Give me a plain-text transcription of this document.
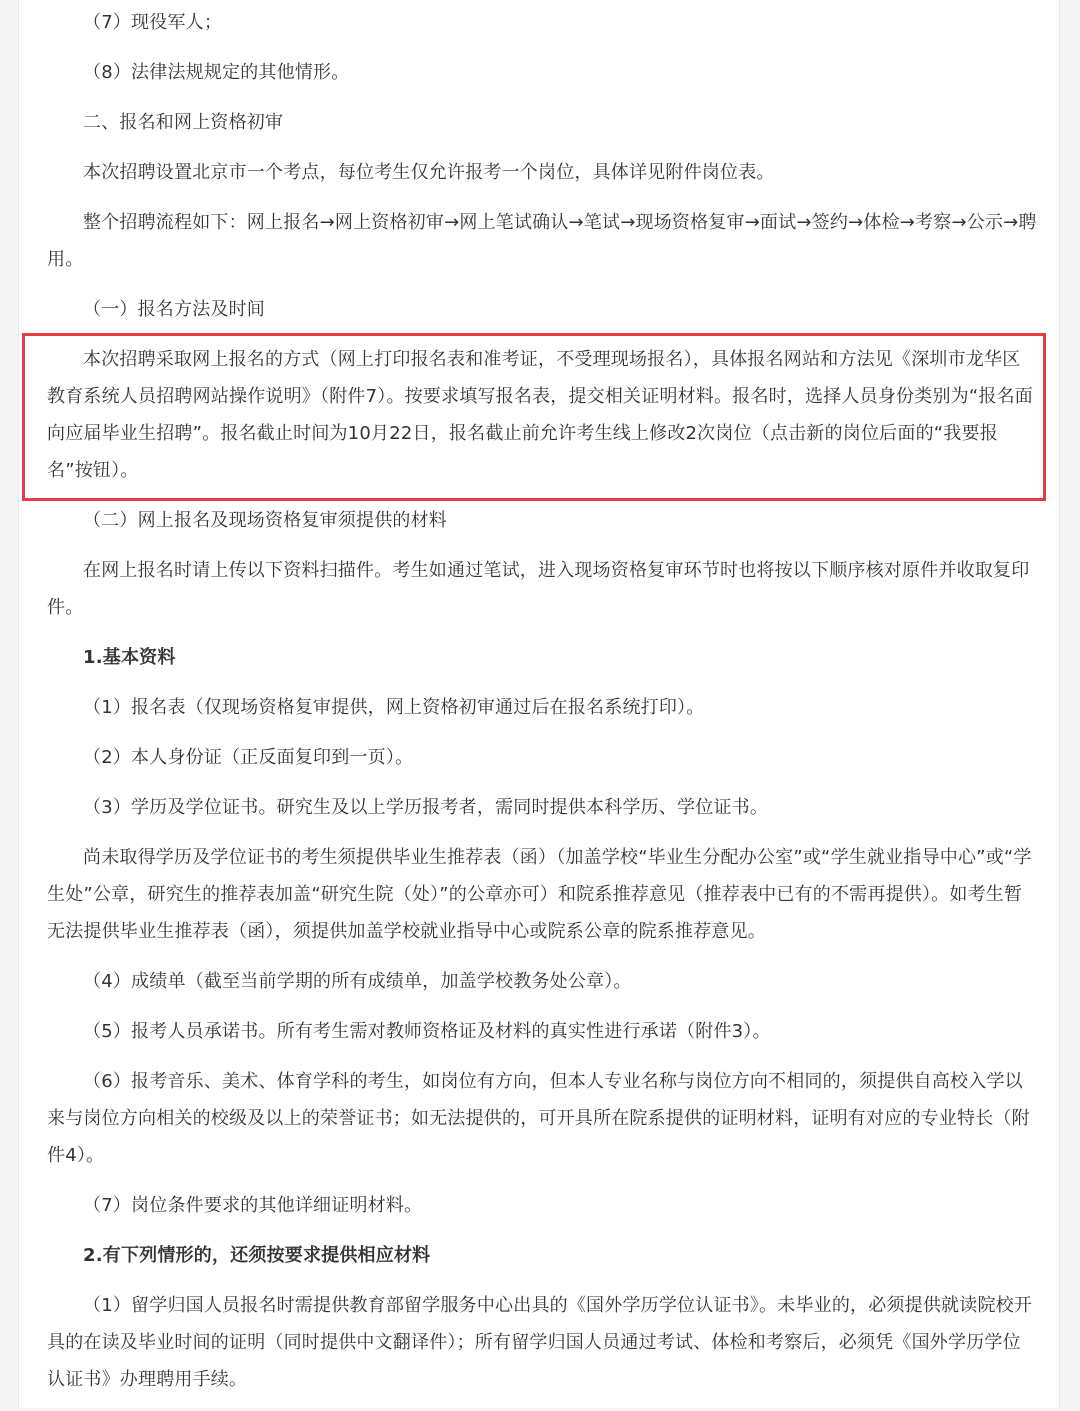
（7）现役军人；

（8）法律法规规定的其他情形。

二、报名和网上资格初审

本次招聘设置北京市一个考点，每位考生仅允许报考一个岗位，具体详见附件岗位表。

整个招聘流程如下：网上报名→网上资格初审→网上笔试确认→笔试→现场资格复审→面试→签约→体检→考察→公示→聘用。

（一）报名方法及时间

本次招聘采取网上报名的方式（网上打印报名表和准考证，不受理现场报名），具体报名网站和方法见《深圳市龙华区教育系统人员招聘网站操作说明》（附件7）。按要求填写报名表，提交相关证明材料。报名时，选择人员身份类别为“报名面向应届毕业生招聘”。报名截止时间为10月22日，报名截止前允许考生线上修改2次岗位（点击新的岗位后面的“我要报名”按钮）。

（二）网上报名及现场资格复审须提供的材料

在网上报名时请上传以下资料扫描件。考生如通过笔试，进入现场资格复审环节时也将按以下顺序核对原件并收取复印件。

1.基本资料

（1）报名表（仅现场资格复审提供，网上资格初审通过后在报名系统打印）。

（2）本人身份证（正反面复印到一页）。

（3）学历及学位证书。研究生及以上学历报考者，需同时提供本科学历、学位证书。

尚未取得学历及学位证书的考生须提供毕业生推荐表（函）（加盖学校“毕业生分配办公室”或“学生就业指导中心”或“学生处”公章，研究生的推荐表加盖“研究生院（处）”的公章亦可）和院系推荐意见（推荐表中已有的不需再提供）。如考生暂无法提供毕业生推荐表（函），须提供加盖学校就业指导中心或院系公章的院系推荐意见。

（4）成绩单（截至当前学期的所有成绩单，加盖学校教务处公章）。

（5）报考人员承诺书。所有考生需对教师资格证及材料的真实性进行承诺（附件3）。

（6）报考音乐、美术、体育学科的考生，如岗位有方向，但本人专业名称与岗位方向不相同的，须提供自高校入学以来与岗位方向相关的校级及以上的荣誉证书；如无法提供的，可开具所在院系提供的证明材料，证明有对应的专业特长（附件4）。

（7）岗位条件要求的其他详细证明材料。

2.有下列情形的，还须按要求提供相应材料

（1）留学归国人员报名时需提供教育部留学服务中心出具的《国外学历学位认证书》。未毕业的，必须提供就读院校开具的在读及毕业时间的证明（同时提供中文翻译件）；所有留学归国人员通过考试、体检和考察后，必须凭《国外学历学位认证书》办理聘用手续。
